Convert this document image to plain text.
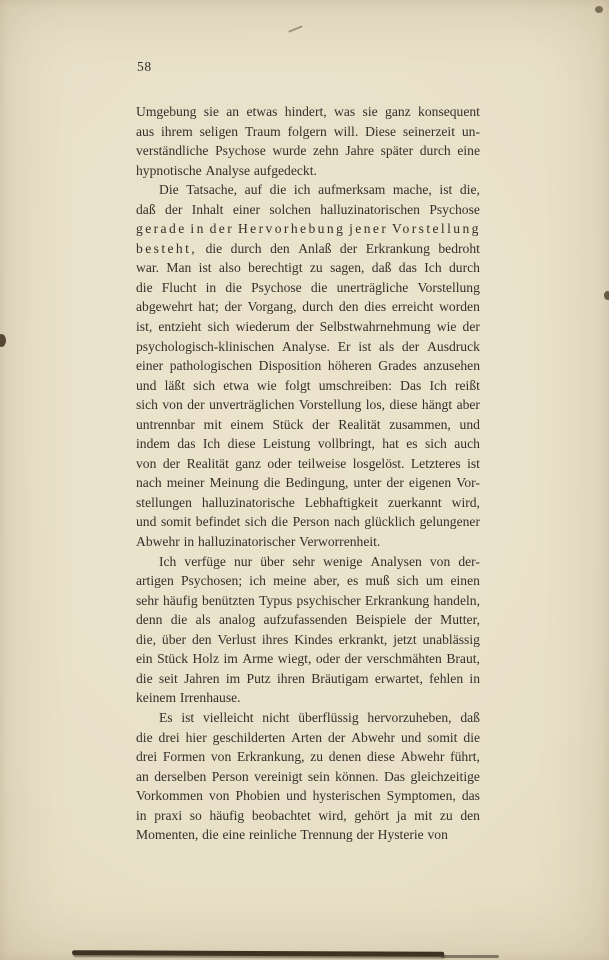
58
Umgebung sie an etwas hindert, was sie ganz konsequent
aus ihrem seligen Traum folgern will. Diese seinerzeit un-
verständliche Psychose wurde zehn Jahre später durch eine
hypnotische Analyse aufgedeckt.
Die Tatsache, auf die ich aufmerksam mache, ist die,
daß der Inhalt einer solchen halluzinatorischen Psychose
gerade in der Hervorhebung jener Vorstellung
besteht, die durch den Anlaß der Erkrankung bedroht
war. Man ist also berechtigt zu sagen, daß das Ich durch
die Flucht in die Psychose die unerträgliche Vorstellung
abgewehrt hat; der Vorgang, durch den dies erreicht worden
ist, entzieht sich wiederum der Selbstwahrnehmung wie der
psychologisch-klinischen Analyse. Er ist als der Ausdruck
einer pathologischen Disposition höheren Grades anzusehen
und läßt sich etwa wie folgt umschreiben: Das Ich reißt
sich von der unverträglichen Vorstellung los, diese hängt aber
untrennbar mit einem Stück der Realität zusammen, und
indem das Ich diese Leistung vollbringt, hat es sich auch
von der Realität ganz oder teilweise losgelöst. Letzteres ist
nach meiner Meinung die Bedingung, unter der eigenen Vor-
stellungen halluzinatorische Lebhaftigkeit zuerkannt wird,
und somit befindet sich die Person nach glücklich gelungener
Abwehr in halluzinatorischer Verworrenheit.
Ich verfüge nur über sehr wenige Analysen von der-
artigen Psychosen; ich meine aber, es muß sich um einen
sehr häufig benützten Typus psychischer Erkrankung handeln,
denn die als analog aufzufassenden Beispiele der Mutter,
die, über den Verlust ihres Kindes erkrankt, jetzt unablässig
ein Stück Holz im Arme wiegt, oder der verschmähten Braut,
die seit Jahren im Putz ihren Bräutigam erwartet, fehlen in
keinem Irrenhause.
Es ist vielleicht nicht überflüssig hervorzuheben, daß
die drei hier geschilderten Arten der Abwehr und somit die
drei Formen von Erkrankung, zu denen diese Abwehr führt,
an derselben Person vereinigt sein können. Das gleichzeitige
Vorkommen von Phobien und hysterischen Symptomen, das
in praxi so häufig beobachtet wird, gehört ja mit zu den
Momenten, die eine reinliche Trennung der Hysterie von
